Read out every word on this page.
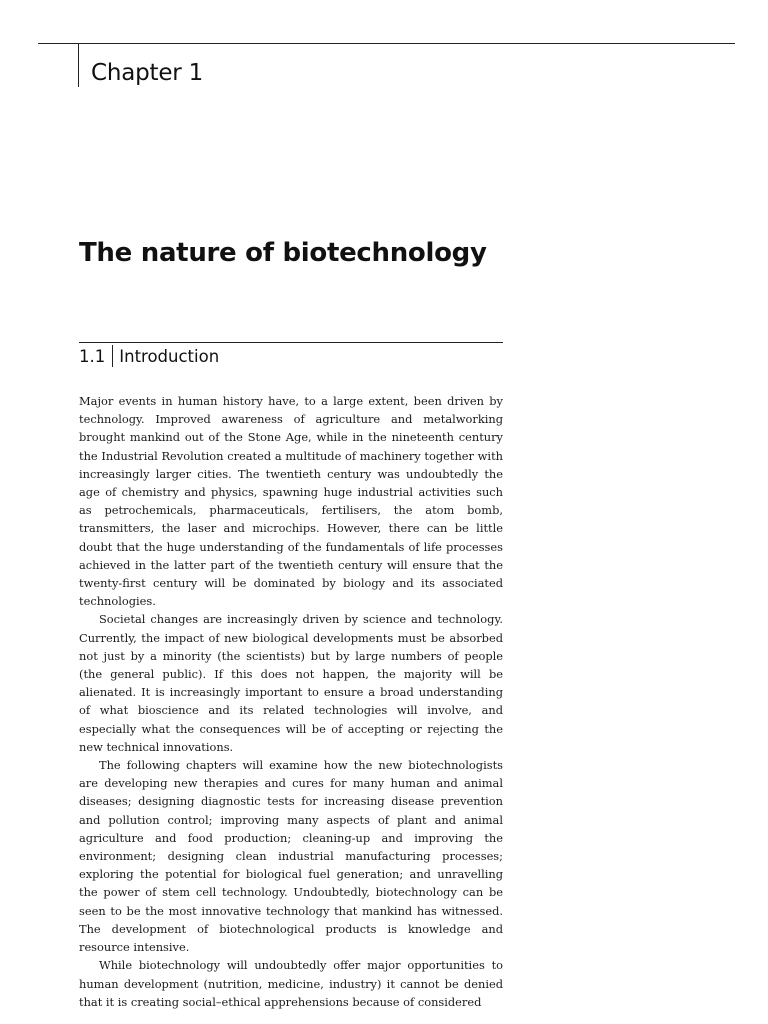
Chapter 1
The nature of biotechnology
1.1 Introduction

Major events in human history have, to a large extent, been driven by technology. Improved awareness of agriculture and metalworking brought mankind out of the Stone Age, while in the nineteenth century the Industrial Revolution created a multitude of machinery together with increasingly larger cities. The twentieth century was undoubtedly the age of chemistry and physics, spawning huge industrial activities such as petrochemicals, pharmaceuticals, fertilisers, the atom bomb, transmitters, the laser and microchips. However, there can be little doubt that the huge understanding of the fundamentals of life processes achieved in the latter part of the twentieth century will ensure that the twenty-first century will be dominated by biology and its associated technologies.

Societal changes are increasingly driven by science and technology. Currently, the impact of new biological developments must be absorbed not just by a minority (the scientists) but by large numbers of people (the general public). If this does not happen, the majority will be alienated. It is increasingly important to ensure a broad understanding of what bioscience and its related technologies will involve, and especially what the consequences will be of accepting or rejecting the new technical innovations.

The following chapters will examine how the new biotechnologists are developing new therapies and cures for many human and animal diseases; designing diagnostic tests for increasing disease prevention and pollution control; improving many aspects of plant and animal agriculture and food production; cleaning-up and improving the environment; designing clean industrial manufacturing processes; exploring the potential for biological fuel generation; and unravelling the power of stem cell technology. Undoubtedly, biotechnology can be seen to be the most innovative technology that mankind has witnessed. The development of biotechnological products is knowledge and resource intensive.

While biotechnology will undoubtedly offer major opportunities to human development (nutrition, medicine, industry) it cannot be denied that it is creating social–ethical apprehensions because of considered
